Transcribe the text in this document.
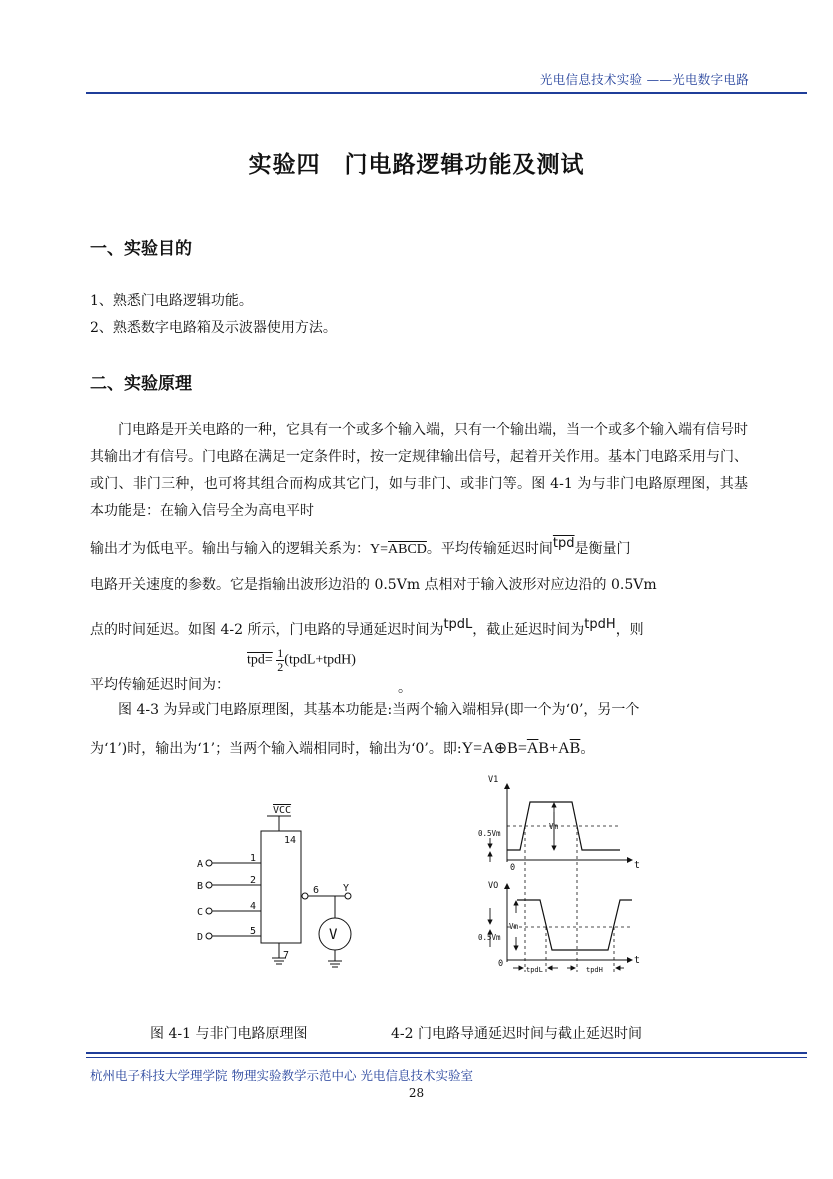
光电信息技术实验 ——光电数字电路
实验四　门电路逻辑功能及测试
一、实验目的
1、熟悉门电路逻辑功能。
2、熟悉数字电路箱及示波器使用方法。
二、实验原理
门电路是开关电路的一种，它具有一个或多个输入端，只有一个输出端，当一个或多个输入端有信号时其输出才有信号。门电路在满足一定条件时，按一定规律输出信号，起着开关作用。基本门电路采用与门、或门、非门三种，也可将其组合而构成其它门，如与非门、或非门等。图 4-1 为与非门电路原理图，其基本功能是：在输入信号全为高电平时
输出才为低电平。输出与输入的逻辑关系为：Y=ABCD。平均传输延迟时间$\overline{tpd}$是衡量门
电路开关速度的参数。它是指输出波形边沿的 0.5Vm 点相对于输入波形对应边沿的 0.5Vm
点的时间延迟。如图 4-2 所示，门电路的导通延迟时间为tpdL，截止延迟时间为tpdH，则
平均传输延迟时间为：
$tpd= \frac{1}{2}$ (tpdL+tpdH)
。
图 4-3 为异或门电路原理图，其基本功能是:当两个输入端相异(即一个为‘0’，另一个
为‘1’)时，输出为‘1’；当两个输入端相同时，输出为‘0’。即$:Y=A\oplus B=\overline{A}B+A\overline{B}$。
VCC
14
A
B
C
D
1
2
4
5
6 Y
7
V
V1
t
0
0.5Vm
Vm
VO
t
0
0.5Vm
Vm
tpdL	tpdH
图 4-1 与非门电路原理图	4-2 门电路导通延迟时间与截止延迟时间
杭州电子科技大学理学院 物理实验教学示范中心 光电信息技术实验室
28
